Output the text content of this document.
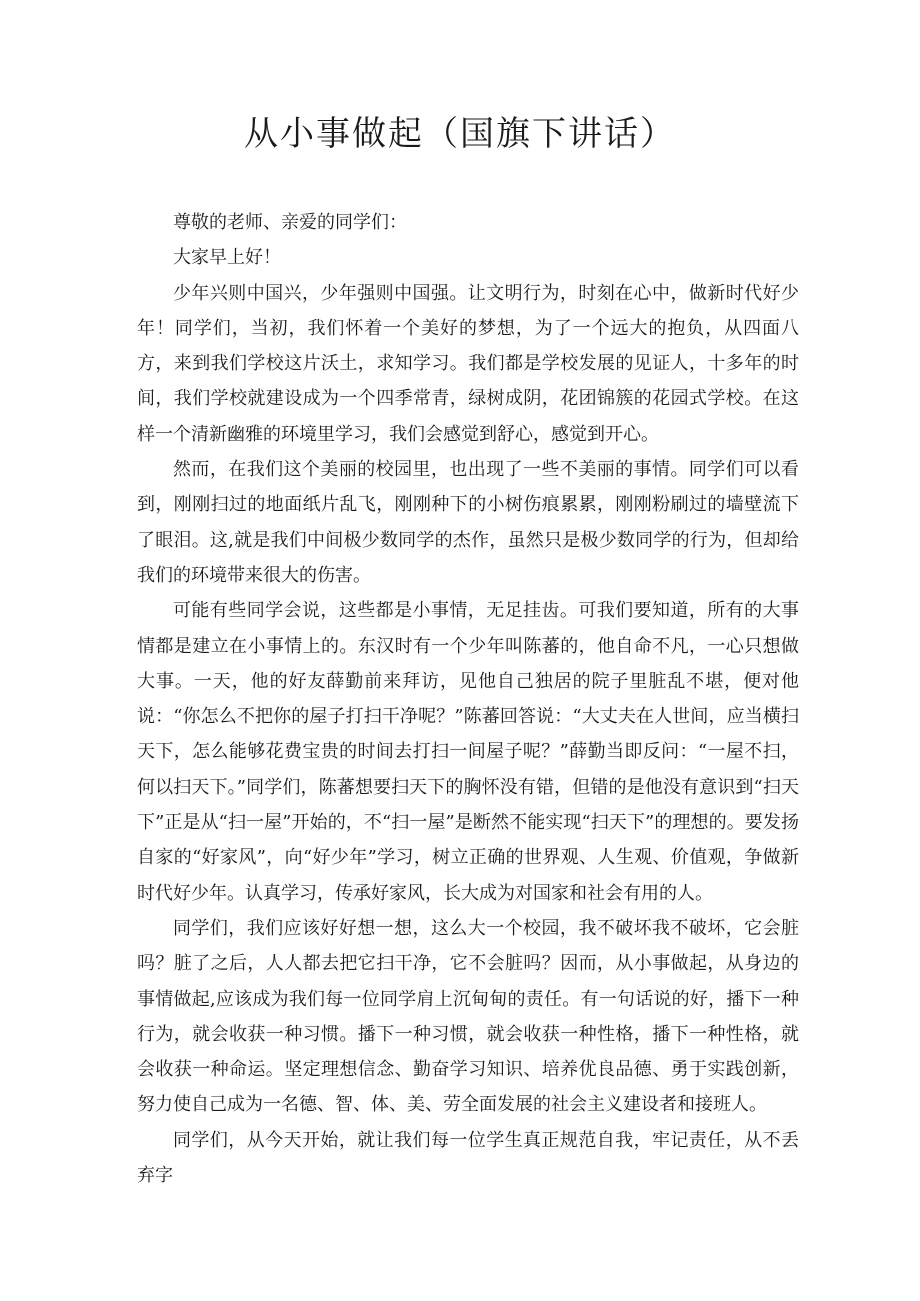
从小事做起（国旗下讲话）

尊敬的老师、亲爱的同学们：

大家早上好！

少年兴则中国兴，少年强则中国强。让文明行为，时刻在心中，做新时代好少年！同学们，当初，我们怀着一个美好的梦想，为了一个远大的抱负，从四面八方，来到我们学校这片沃土，求知学习。我们都是学校发展的见证人，十多年的时间，我们学校就建设成为一个四季常青，绿树成阴，花团锦簇的花园式学校。在这样一个清新幽雅的环境里学习，我们会感觉到舒心，感觉到开心。

然而，在我们这个美丽的校园里，也出现了一些不美丽的事情。同学们可以看到，刚刚扫过的地面纸片乱飞，刚刚种下的小树伤痕累累，刚刚粉刷过的墙壁流下了眼泪。这,就是我们中间极少数同学的杰作，虽然只是极少数同学的行为，但却给我们的环境带来很大的伤害。

可能有些同学会说，这些都是小事情，无足挂齿。可我们要知道，所有的大事情都是建立在小事情上的。东汉时有一个少年叫陈蕃的，他自命不凡，一心只想做大事。一天，他的好友薛勤前来拜访，见他自己独居的院子里脏乱不堪，便对他说：“你怎么不把你的屋子打扫干净呢？”陈蕃回答说：“大丈夫在人世间，应当横扫天下，怎么能够花费宝贵的时间去打扫一间屋子呢？”薛勤当即反问：“一屋不扫，何以扫天下。”同学们，陈蕃想要扫天下的胸怀没有错，但错的是他没有意识到“扫天下”正是从“扫一屋”开始的，不“扫一屋”是断然不能实现“扫天下”的理想的。要发扬自家的“好家风”，向“好少年”学习，树立正确的世界观、人生观、价值观，争做新时代好少年。认真学习，传承好家风，长大成为对国家和社会有用的人。

同学们，我们应该好好想一想，这么大一个校园，我不破坏我不破坏，它会脏吗？脏了之后，人人都去把它扫干净，它不会脏吗？因而，从小事做起，从身边的事情做起,应该成为我们每一位同学肩上沉甸甸的责任。有一句话说的好，播下一种行为，就会收获一种习惯。播下一种习惯，就会收获一种性格，播下一种性格，就会收获一种命运。坚定理想信念、勤奋学习知识、培养优良品德、勇于实践创新，努力使自己成为一名德、智、体、美、劳全面发展的社会主义建设者和接班人。

同学们，从今天开始，就让我们每一位学生真正规范自我，牢记责任，从不丢弃字
